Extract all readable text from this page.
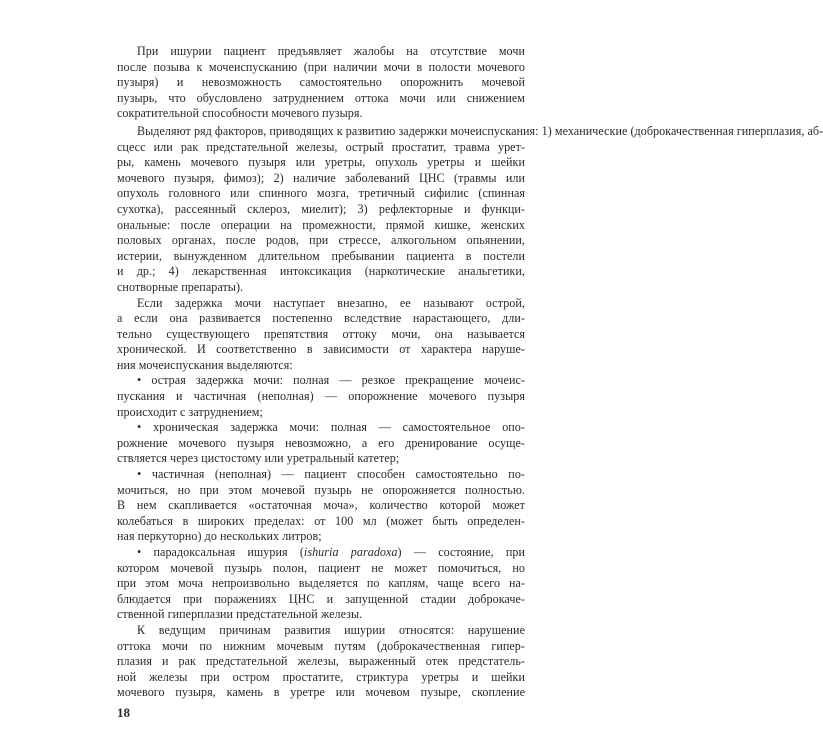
При ишурии пациент предъявляет жалобы на отсутствие мочи
после позыва к мочеиспусканию (при наличии мочи в полости мочевого
пузыря) и невозможность самостоятельно опорожнить мочевой
пузырь, что обусловлено затруднением оттока мочи или снижением
сократительной способности мочевого пузыря.
Выделяют ряд факторов, приводящих к развитию задержки мочеиспускания: 1) механические (доброкачественная гиперплазия, аб-
сцесс или рак предстательной железы, острый простатит, травма урет-
ры, камень мочевого пузыря или уретры, опухоль уретры и шейки
мочевого пузыря, фимоз); 2) наличие заболеваний ЦНС (травмы или
опухоль головного или спинного мозга, третичный сифилис (спинная
сухотка), рассеянный склероз, миелит); 3) рефлекторные и функци-
ональные: после операции на промежности, прямой кишке, женских
половых органах, после родов, при стрессе, алкогольном опьянении,
истерии, вынужденном длительном пребывании пациента в постели
и др.; 4) лекарственная интоксикация (наркотические анальгетики,
снотворные препараты).
Если задержка мочи наступает внезапно, ее называют острой,
а если она развивается постепенно вследствие нарастающего, дли-
тельно существующего препятствия оттоку мочи, она называется
хронической. И соответственно в зависимости от характера наруше-
ния мочеиспускания выделяются:
• острая задержка мочи: полная — резкое прекращение мочеис-
пускания и частичная (неполная) — опорожнение мочевого пузыря
происходит с затруднением;
• хроническая задержка мочи: полная — самостоятельное опо-
рожнение мочевого пузыря невозможно, а его дренирование осуще-
ствляется через цистостому или уретральный катетер;
• частичная (неполная) — пациент способен самостоятельно по-
мочиться, но при этом мочевой пузырь не опорожняется полностью.
В нем скапливается «остаточная моча», количество которой может
колебаться в широких пределах: от 100 мл (может быть определен-
ная перкуторно) до нескольких литров;
• парадоксальная ишурия (ishuria paradoxa) — состояние, при
котором мочевой пузырь полон, пациент не может помочиться, но
при этом моча непроизвольно выделяется по каплям, чаще всего на-
блюдается при поражениях ЦНС и запущенной стадии доброкаче-
ственной гиперплазии предстательной железы.
К ведущим причинам развития ишурии относятся: нарушение
оттока мочи по нижним мочевым путям (доброкачественная гипер-
плазия и рак предстательной железы, выраженный отек предстатель-
ной железы при остром простатите, стриктура уретры и шейки
мочевого пузыря, камень в уретре или мочевом пузыре, скопление
18
